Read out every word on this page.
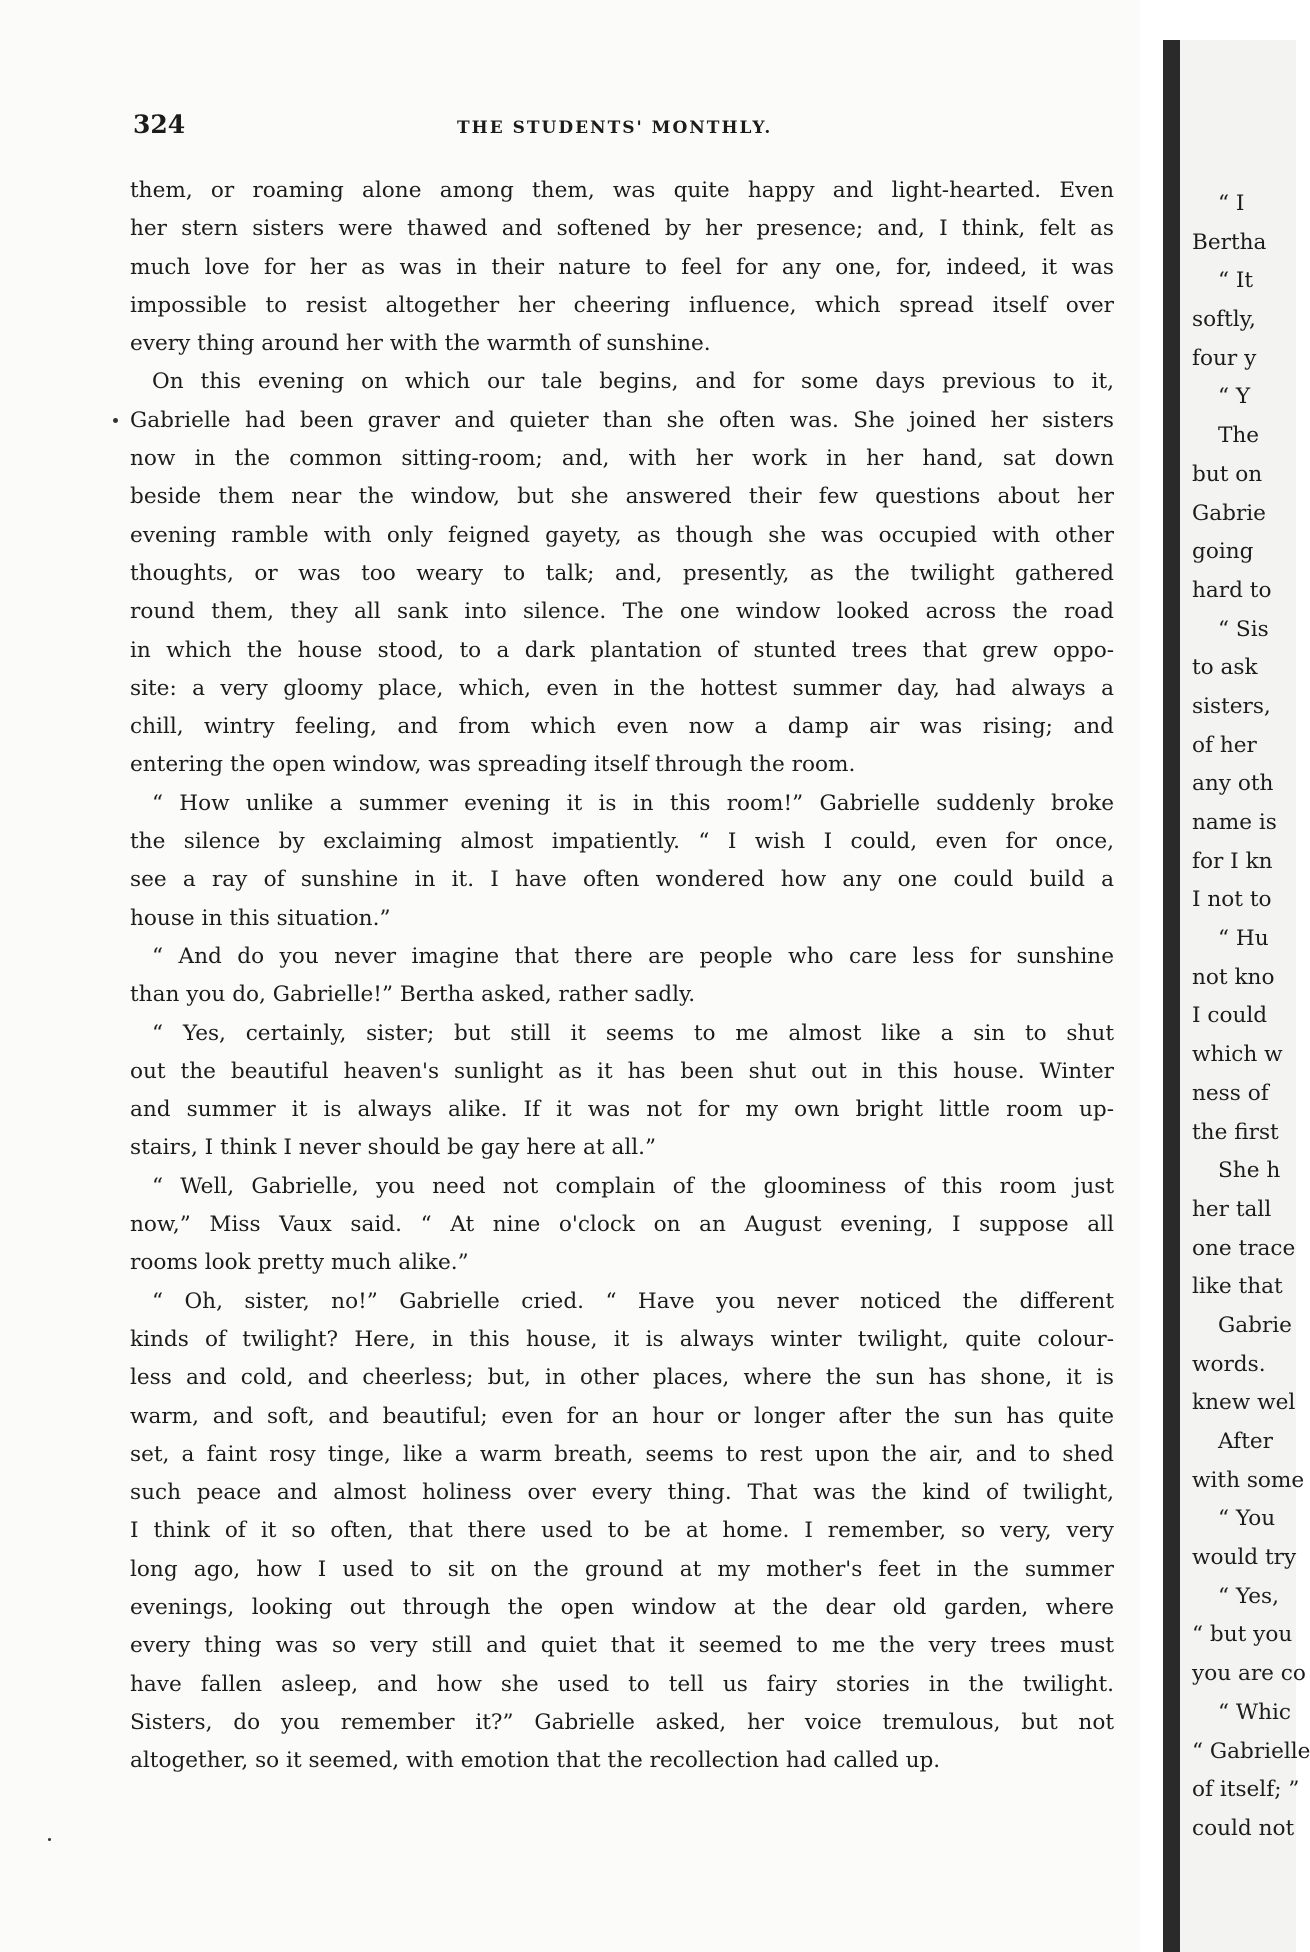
324	THE STUDENTS' MONTHLY.
them, or roaming alone among them, was quite happy and light-hearted. Even
her stern sisters were thawed and softened by her presence; and, I think, felt as
much love for her as was in their nature to feel for any one, for, indeed, it was
impossible to resist altogether her cheering influence, which spread itself over
every thing around her with the warmth of sunshine.
On this evening on which our tale begins, and for some days previous to it,
Gabrielle had been graver and quieter than she often was. She joined her sisters
now in the common sitting-room; and, with her work in her hand, sat down
beside them near the window, but she answered their few questions about her
evening ramble with only feigned gayety, as though she was occupied with other
thoughts, or was too weary to talk; and, presently, as the twilight gathered
round them, they all sank into silence. The one window looked across the road
in which the house stood, to a dark plantation of stunted trees that grew oppo-
site: a very gloomy place, which, even in the hottest summer day, had always a
chill, wintry feeling, and from which even now a damp air was rising; and
entering the open window, was spreading itself through the room.
“ How unlike a summer evening it is in this room!” Gabrielle suddenly broke
the silence by exclaiming almost impatiently. “ I wish I could, even for once,
see a ray of sunshine in it. I have often wondered how any one could build a
house in this situation.”
“ And do you never imagine that there are people who care less for sunshine
than you do, Gabrielle!” Bertha asked, rather sadly.
“ Yes, certainly, sister; but still it seems to me almost like a sin to shut
out the beautiful heaven's sunlight as it has been shut out in this house. Winter
and summer it is always alike. If it was not for my own bright little room up-
stairs, I think I never should be gay here at all.”
“ Well, Gabrielle, you need not complain of the gloominess of this room just
now,” Miss Vaux said. “ At nine o'clock on an August evening, I suppose all
rooms look pretty much alike.”
“ Oh, sister, no!” Gabrielle cried. “ Have you never noticed the different
kinds of twilight? Here, in this house, it is always winter twilight, quite colour-
less and cold, and cheerless; but, in other places, where the sun has shone, it is
warm, and soft, and beautiful; even for an hour or longer after the sun has quite
set, a faint rosy tinge, like a warm breath, seems to rest upon the air, and to shed
such peace and almost holiness over every thing. That was the kind of twilight,
I think of it so often, that there used to be at home. I remember, so very, very
long ago, how I used to sit on the ground at my mother's feet in the summer
evenings, looking out through the open window at the dear old garden, where
every thing was so very still and quiet that it seemed to me the very trees must
have fallen asleep, and how she used to tell us fairy stories in the twilight.
Sisters, do you remember it?” Gabrielle asked, her voice tremulous, but not
altogether, so it seemed, with emotion that the recollection had called up.
“ I
Bertha
“ It
softly,
four y
“ Y
The
but on
Gabrie
going
hard to
“ Sis
to ask
sisters,
of her
any oth
name is
for I kn
I not to
“ Hu
not kno
I could
which w
ness of
the first
She h
her tall
one trace
like that
Gabrie
words.
knew wel
After
with some
“ You
would try
“ Yes,
“ but you
you are co
“ Whic
“ Gabrielle
of itself; ”
could not
